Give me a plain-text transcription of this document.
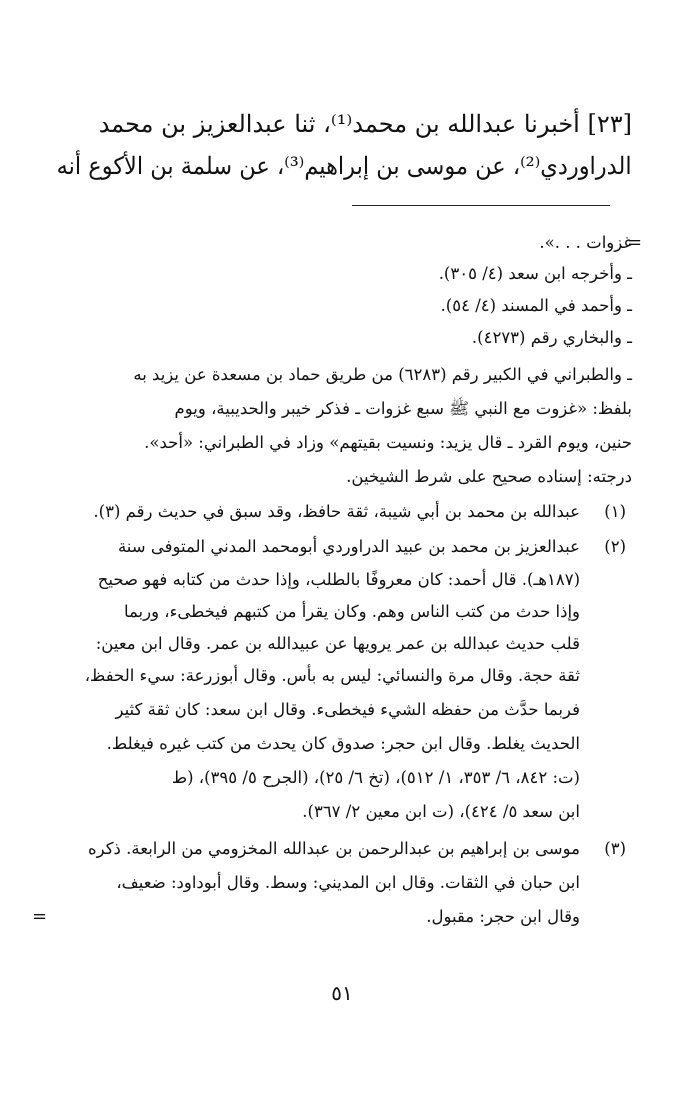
[٢٣] أخبرنا عبدالله بن محمد⁽¹⁾، ثنا عبدالعزيز بن محمد
الدراوردي⁽²⁾، عن موسى بن إبراهيم⁽³⁾، عن سلمة بن الأكوع أنه
=
غزوات . . .».
ـ وأخرجه ابن سعد (٤/ ٣٠٥).
ـ وأحمد في المسند (٤/ ٥٤).
ـ والبخاري رقم (٤٢٧٣).
ـ والطبراني في الكبير رقم (٦٢٨٣) من طريق حماد بن مسعدة عن يزيد به
بلفظ: «غزوت مع النبي ﷺ سبع غزوات ـ فذكر خيبر والحديبية، ويوم
حنين، ويوم القرد ـ قال يزيد: ونسيت بقيتهم» وزاد في الطبراني: «أحد».
درجته: إسناده صحيح على شرط الشيخين.
(١)
عبدالله بن محمد بن أبي شيبة، ثقة حافظ، وقد سبق في حديث رقم (٣).
(٢)
عبدالعزيز بن محمد بن عبيد الدراوردي أبومحمد المدني المتوفى سنة
(١٨٧هـ). قال أحمد: كان معروفًا بالطلب، وإذا حدث من كتابه فهو صحيح
وإذا حدث من كتب الناس وهم. وكان يقرأ من كتبهم فيخطىء، وربما
قلب حديث عبدالله بن عمر يرويها عن عبيدالله بن عمر. وقال ابن معين:
ثقة حجة. وقال مرة والنسائي: ليس به بأس. وقال أبوزرعة: سيء الحفظ،
فربما حدَّث من حفظه الشيء فيخطىء. وقال ابن سعد: كان ثقة كثير
الحديث يغلط. وقال ابن حجر: صدوق كان يحدث من كتب غيره فيغلط.
(ت: ٨٤٢، ٦/ ٣٥٣، ١/ ٥١٢)، (تخ ٦/ ٢٥)، (الجرح ٥/ ٣٩٥)، (ط
ابن سعد ٥/ ٤٢٤)، (ت ابن معين ٢/ ٣٦٧).
(٣)
موسى بن إبراهيم بن عبدالرحمن بن عبدالله المخزومي من الرابعة. ذكره
ابن حبان في الثقات. وقال ابن المديني: وسط. وقال أبوداود: ضعيف،
وقال ابن حجر: مقبول.
=
٥١
